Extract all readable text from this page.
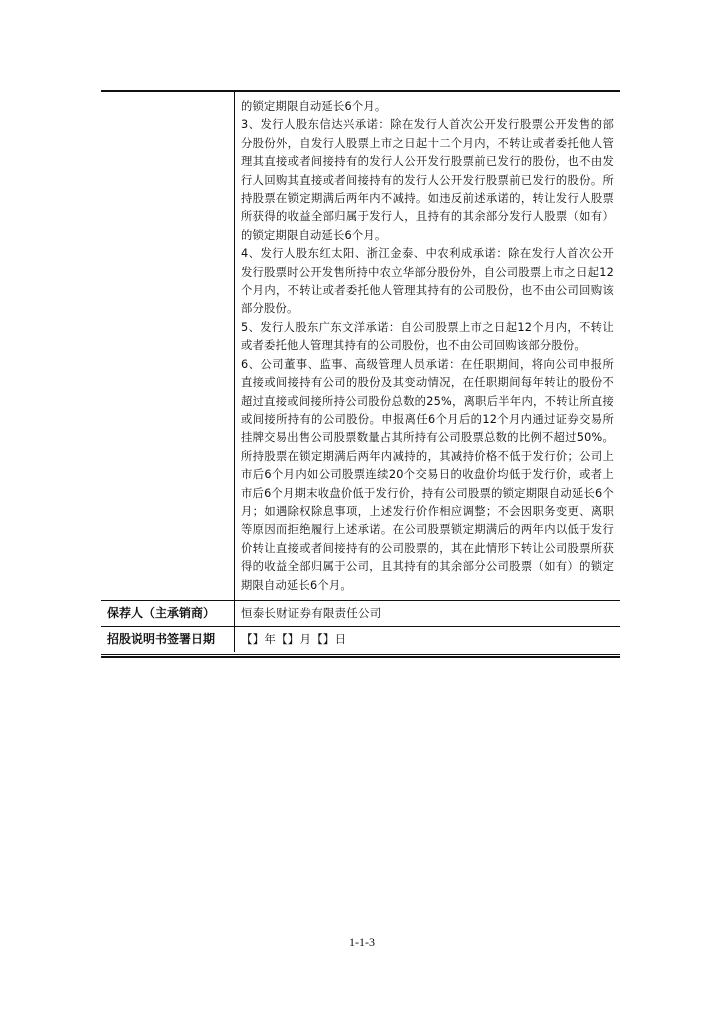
的锁定期限自动延长6个月。

3、发行人股东信达兴承诺：除在发行人首次公开发行股票公开发售的部分股份外，自发行人股票上市之日起十二个月内，不转让或者委托他人管理其直接或者间接持有的发行人公开发行股票前已发行的股份，也不由发行人回购其直接或者间接持有的发行人公开发行股票前已发行的股份。所持股票在锁定期满后两年内不减持。如违反前述承诺的，转让发行人股票所获得的收益全部归属于发行人，且持有的其余部分发行人股票（如有）的锁定期限自动延长6个月。

4、发行人股东红太阳、浙江金泰、中农利成承诺：除在发行人首次公开发行股票时公开发售所持中农立华部分股份外，自公司股票上市之日起12个月内，不转让或者委托他人管理其持有的公司股份，也不由公司回购该部分股份。

5、发行人股东广东文洋承诺：自公司股票上市之日起12个月内，不转让或者委托他人管理其持有的公司股份，也不由公司回购该部分股份。

6、公司董事、监事、高级管理人员承诺：在任职期间，将向公司申报所直接或间接持有公司的股份及其变动情况，在任职期间每年转让的股份不超过直接或间接所持公司股份总数的25%，离职后半年内，不转让所直接或间接所持有的公司股份。申报离任6个月后的12个月内通过证券交易所挂牌交易出售公司股票数量占其所持有公司股票总数的比例不超过50%。所持股票在锁定期满后两年内减持的，其减持价格不低于发行价；公司上市后6个月内如公司股票连续20个交易日的收盘价均低于发行价，或者上市后6个月期末收盘价低于发行价，持有公司股票的锁定期限自动延长6个月；如遇除权除息事项，上述发行价作相应调整；不会因职务变更、离职等原因而拒绝履行上述承诺。在公司股票锁定期满后的两年内以低于发行价转让直接或者间接持有的公司股票的，其在此情形下转让公司股票所获得的收益全部归属于公司，且其持有的其余部分公司股票（如有）的锁定期限自动延长6个月。

保荐人（主承销商）	恒泰长财证券有限责任公司
招股说明书签署日期	【】年【】月【】日
1-1-3
